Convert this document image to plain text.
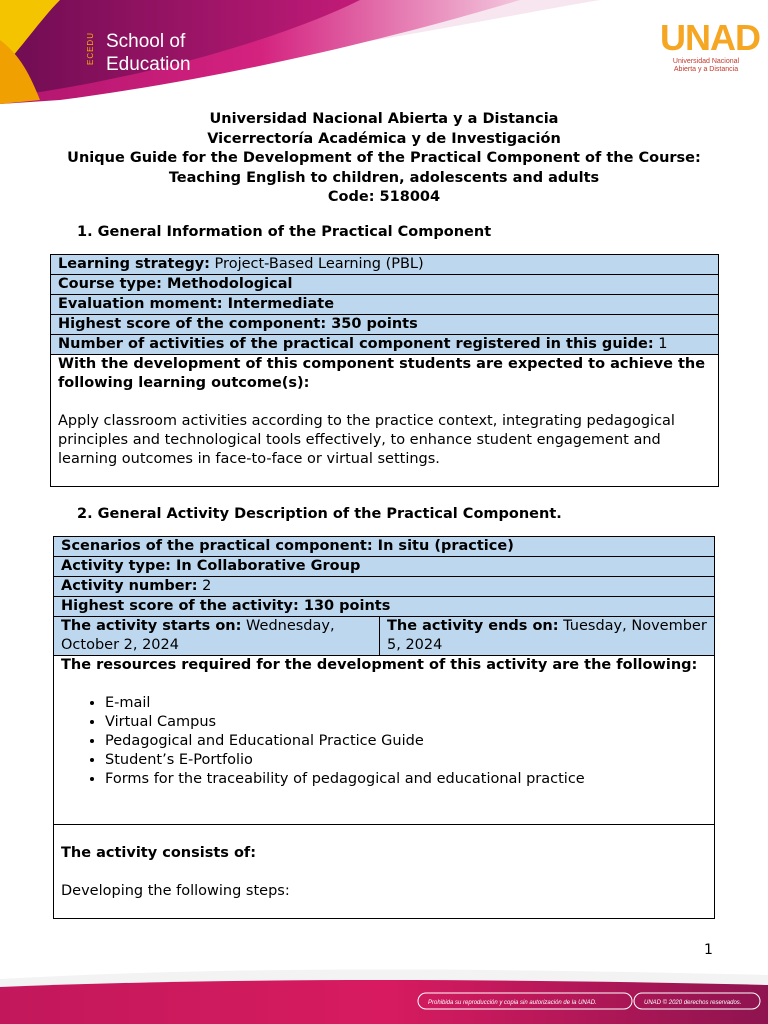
ECEDU School of
Education
UNAD
Universidad Nacional
Abierta y a Distancia
Universidad Nacional Abierta y a Distancia
Vicerrectoría Académica y de Investigación
Unique Guide for the Development of the Practical Component of the Course:
Teaching English to children, adolescents and adults
Code: 518004
1. General Information of the Practical Component
Learning strategy: Project-Based Learning (PBL)
Course type: Methodological
Evaluation moment: Intermediate
Highest score of the component: 350 points
Number of activities of the practical component registered in this guide: 1

With the development of this component students are expected to achieve the following learning outcome(s):
Apply classroom activities according to the practice context, integrating pedagogical principles and technological tools effectively, to enhance student engagement and learning outcomes in face-to-face or virtual settings.
2. General Activity Description of the Practical Component.
Scenarios of the practical component: In situ (practice)
Activity type: In Collaborative Group
Activity number: 2
Highest score of the activity: 130 points
The activity starts on: Wednesday, October 2, 2024	The activity ends on: Tuesday, November 5, 2024

The resources required for the development of this activity are the following:
• E-mail
• Virtual Campus
• Pedagogical and Educational Practice Guide
• Student’s E-Portfolio
• Forms for the traceability of pedagogical and educational practice

The activity consists of:
Developing the following steps:
1
Prohibida su reproducción y copia sin autorización de la UNAD.	UNAD © 2020 derechos reservados.
